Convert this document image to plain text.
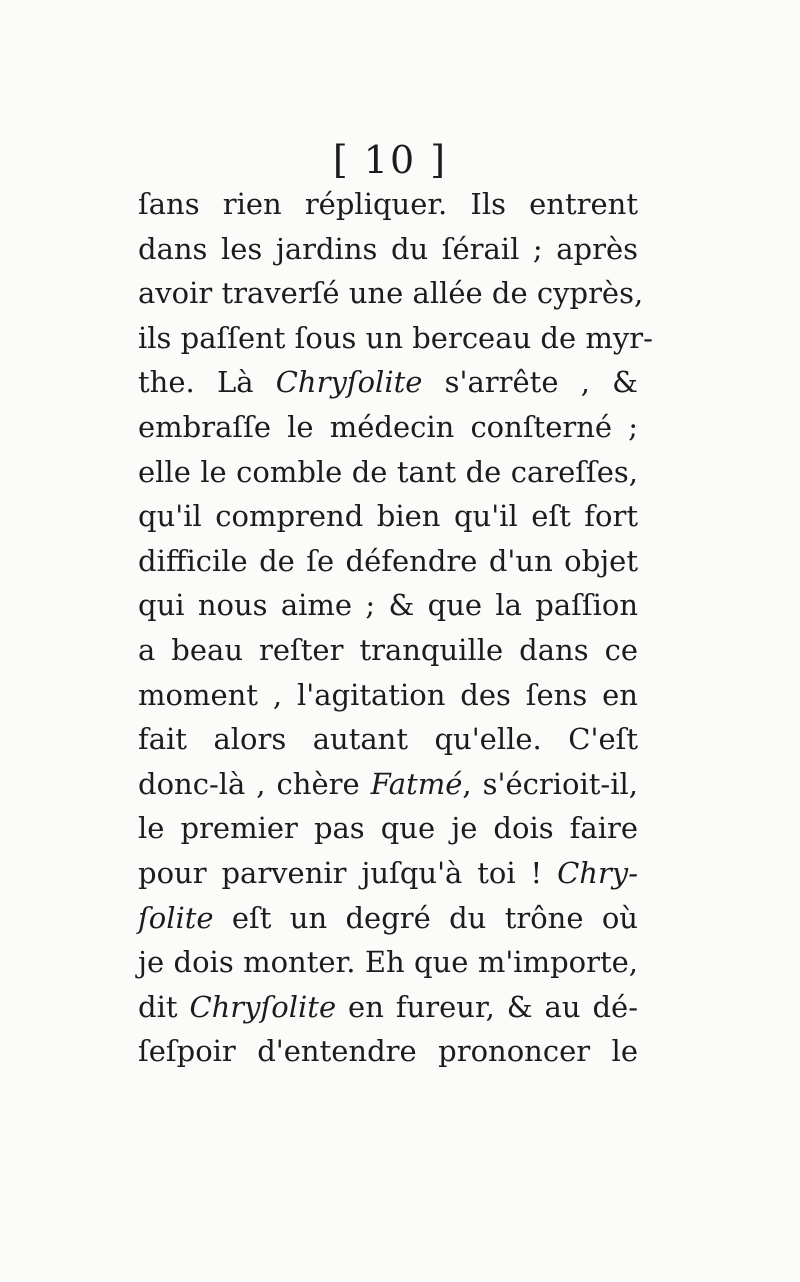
[ 10 ]
ſans rien répliquer. Ils entrent
dans les jardins du ſérail ; après
avoir traverſé une allée de cyprès,
ils paſſent ſous un berceau de myr-
the. Là Chryſolite s'arrête , &
embraſſe le médecin conſterné ;
elle le comble de tant de careſſes,
qu'il comprend bien qu'il eſt fort
difficile de ſe défendre d'un objet
qui nous aime ; & que la paſſion
a beau reſter tranquille dans ce
moment , l'agitation des ſens en
fait alors autant qu'elle. C'eſt
donc-là , chère Fatmé, s'écrioit-il,
le premier pas que je dois faire
pour parvenir juſqu'à toi ! Chry-
ſolite eſt un degré du trône où
je dois monter. Eh que m'importe,
dit Chryſolite en fureur, & au dé-
ſeſpoir d'entendre prononcer le
